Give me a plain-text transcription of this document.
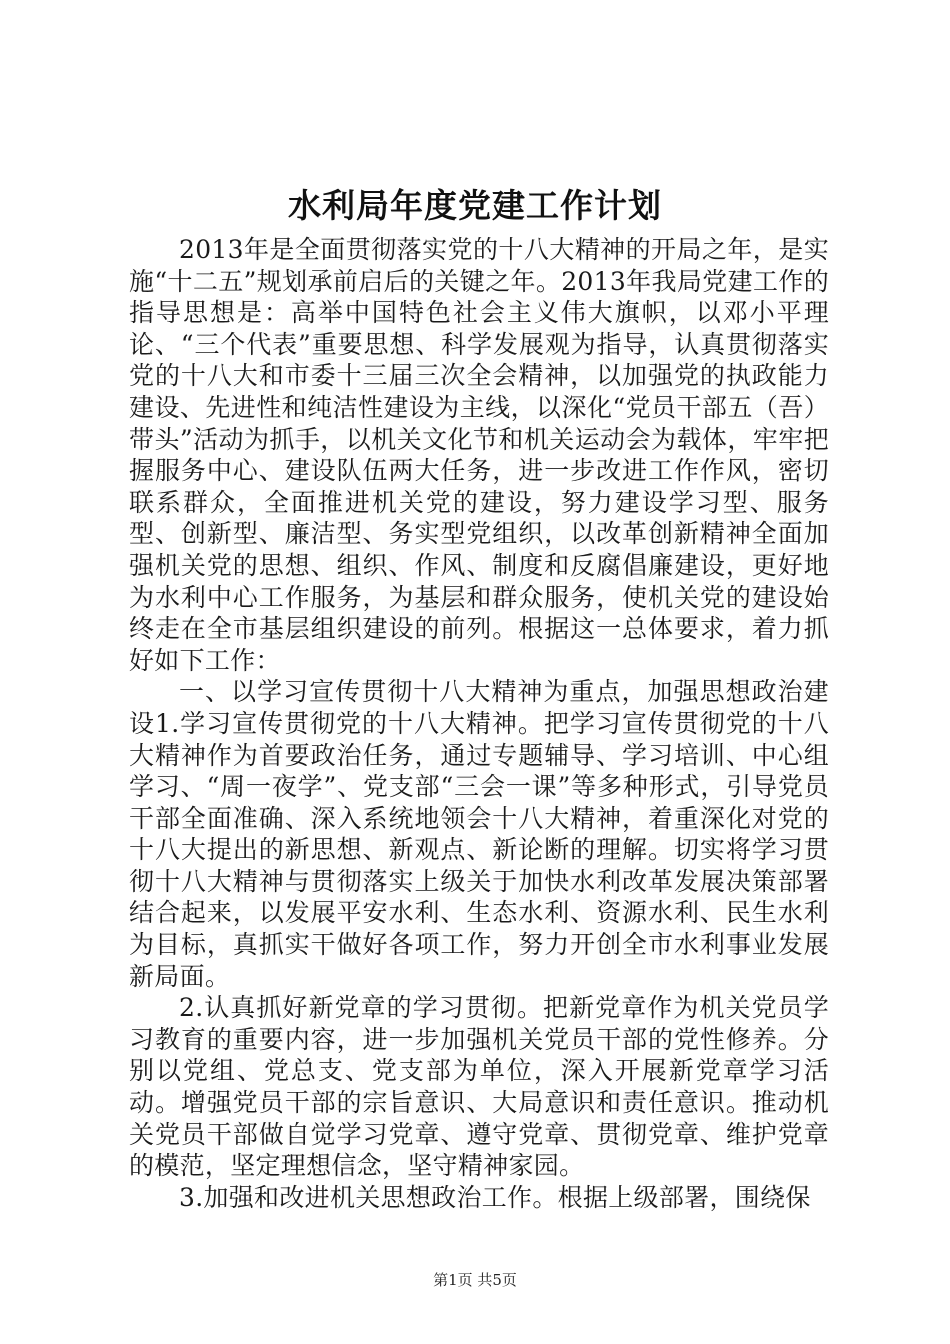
水利局年度党建工作计划

2013年是全面贯彻落实党的十八大精神的开局之年，是实施“十二五”规划承前启后的关键之年。2013年我局党建工作的指导思想是：高举中国特色社会主义伟大旗帜，以邓小平理论、“三个代表”重要思想、科学发展观为指导，认真贯彻落实党的十八大和市委十三届三次全会精神，以加强党的执政能力建设、先进性和纯洁性建设为主线，以深化“党员干部五（吾）带头”活动为抓手，以机关文化节和机关运动会为载体，牢牢把握服务中心、建设队伍两大任务，进一步改进工作作风，密切联系群众，全面推进机关党的建设，努力建设学习型、服务型、创新型、廉洁型、务实型党组织，以改革创新精神全面加强机关党的思想、组织、作风、制度和反腐倡廉建设，更好地为水利中心工作服务，为基层和群众服务，使机关党的建设始终走在全市基层组织建设的前列。根据这一总体要求，着力抓好如下工作：

一、以学习宣传贯彻十八大精神为重点，加强思想政治建设1.学习宣传贯彻党的十八大精神。把学习宣传贯彻党的十八大精神作为首要政治任务，通过专题辅导、学习培训、中心组学习、“周一夜学”、党支部“三会一课”等多种形式，引导党员干部全面准确、深入系统地领会十八大精神，着重深化对党的十八大提出的新思想、新观点、新论断的理解。切实将学习贯彻十八大精神与贯彻落实上级关于加快水利改革发展决策部署结合起来，以发展平安水利、生态水利、资源水利、民生水利为目标，真抓实干做好各项工作，努力开创全市水利事业发展新局面。

2.认真抓好新党章的学习贯彻。把新党章作为机关党员学习教育的重要内容，进一步加强机关党员干部的党性修养。分别以党组、党总支、党支部为单位，深入开展新党章学习活动。增强党员干部的宗旨意识、大局意识和责任意识。推动机关党员干部做自觉学习党章、遵守党章、贯彻党章、维护党章的模范，坚定理想信念，坚守精神家园。

3.加强和改进机关思想政治工作。根据上级部署，围绕保

第1页 共5页
